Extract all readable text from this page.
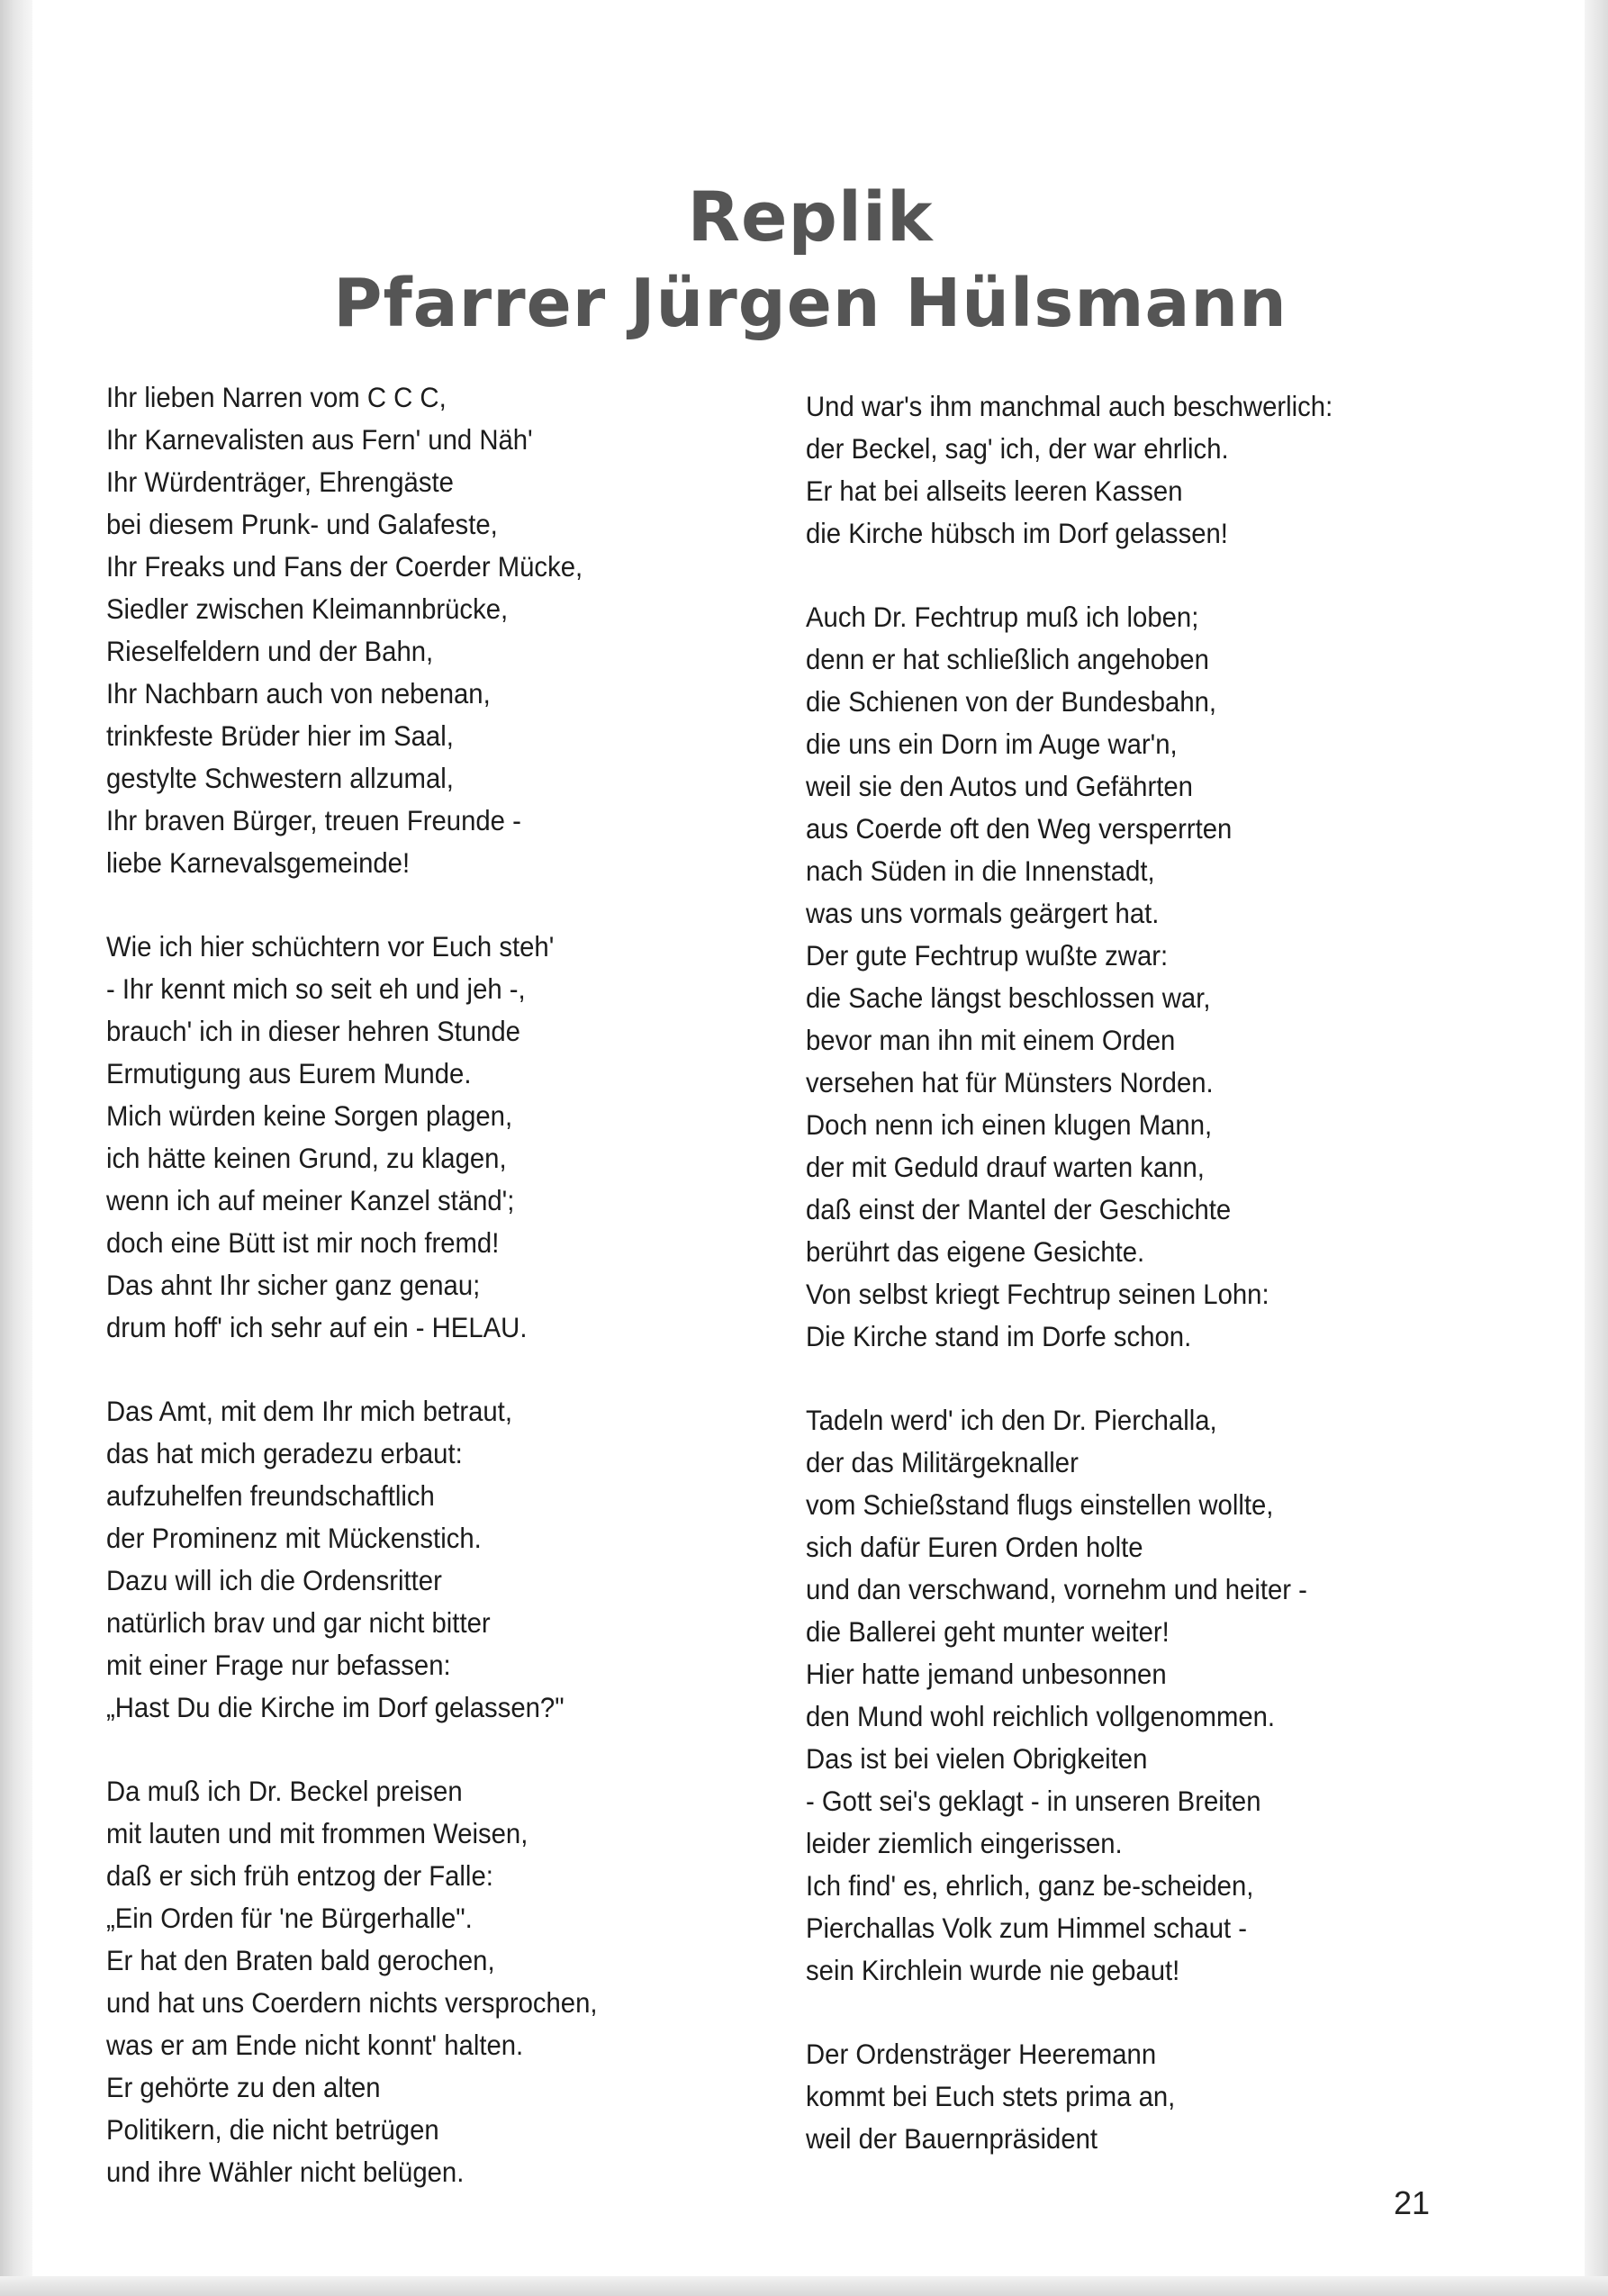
Replik
Pfarrer Jürgen Hülsmann
Ihr lieben Narren vom C C C,
Ihr Karnevalisten aus Fern' und Näh'
Ihr Würdenträger, Ehrengäste
bei diesem Prunk- und Galafeste,
Ihr Freaks und Fans der Coerder Mücke,
Siedler zwischen Kleimannbrücke,
Rieselfeldern und der Bahn,
Ihr Nachbarn auch von nebenan,
trinkfeste Brüder hier im Saal,
gestylte Schwestern allzumal,
Ihr braven Bürger, treuen Freunde -
liebe Karnevalsgemeinde!
Wie ich hier schüchtern vor Euch steh'
- Ihr kennt mich so seit eh und jeh -,
brauch' ich in dieser hehren Stunde
Ermutigung aus Eurem Munde.
Mich würden keine Sorgen plagen,
ich hätte keinen Grund, zu klagen,
wenn ich auf meiner Kanzel ständ';
doch eine Bütt ist mir noch fremd!
Das ahnt Ihr sicher ganz genau;
drum hoff' ich sehr auf ein - HELAU.
Das Amt, mit dem Ihr mich betraut,
das hat mich geradezu erbaut:
aufzuhelfen freundschaftlich
der Prominenz mit Mückenstich.
Dazu will ich die Ordensritter
natürlich brav und gar nicht bitter
mit einer Frage nur befassen:
„Hast Du die Kirche im Dorf gelassen?"
Da muß ich Dr. Beckel preisen
mit lauten und mit frommen Weisen,
daß er sich früh entzog der Falle:
„Ein Orden für 'ne Bürgerhalle".
Er hat den Braten bald gerochen,
und hat uns Coerdern nichts versprochen,
was er am Ende nicht konnt' halten.
Er gehörte zu den alten
Politikern, die nicht betrügen
und ihre Wähler nicht belügen.
Und war's ihm manchmal auch beschwerlich:
der Beckel, sag' ich, der war ehrlich.
Er hat bei allseits leeren Kassen
die Kirche hübsch im Dorf gelassen!
Auch Dr. Fechtrup muß ich loben;
denn er hat schließlich angehoben
die Schienen von der Bundesbahn,
die uns ein Dorn im Auge war'n,
weil sie den Autos und Gefährten
aus Coerde oft den Weg versperrten
nach Süden in die Innenstadt,
was uns vormals geärgert hat.
Der gute Fechtrup wußte zwar:
die Sache längst beschlossen war,
bevor man ihn mit einem Orden
versehen hat für Münsters Norden.
Doch nenn ich einen klugen Mann,
der mit Geduld drauf warten kann,
daß einst der Mantel der Geschichte
berührt das eigene Gesichte.
Von selbst kriegt Fechtrup seinen Lohn:
Die Kirche stand im Dorfe schon.
Tadeln werd' ich den Dr. Pierchalla,
der das Militärgeknaller
vom Schießstand flugs einstellen wollte,
sich dafür Euren Orden holte
und dan verschwand, vornehm und heiter -
die Ballerei geht munter weiter!
Hier hatte jemand unbesonnen
den Mund wohl reichlich vollgenommen.
Das ist bei vielen Obrigkeiten
- Gott sei's geklagt - in unseren Breiten
leider ziemlich eingerissen.
Ich find' es, ehrlich, ganz be-scheiden,
Pierchallas Volk zum Himmel schaut -
sein Kirchlein wurde nie gebaut!
Der Ordensträger Heeremann
kommt bei Euch stets prima an,
weil der Bauernpräsident
21
